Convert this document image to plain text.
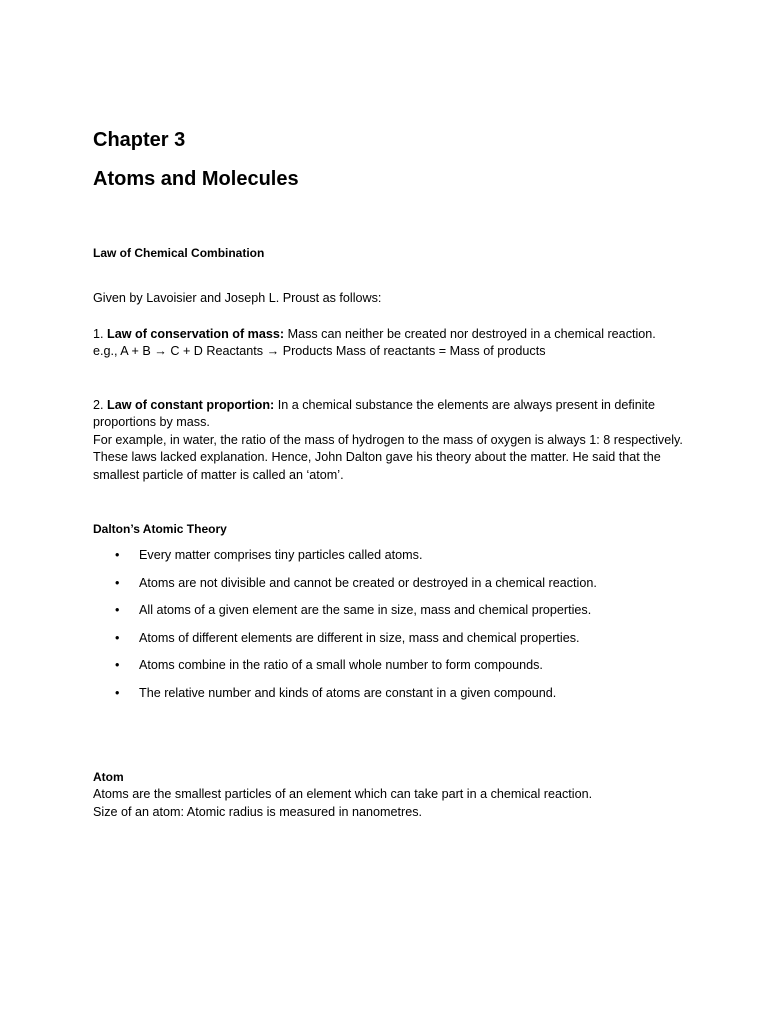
Chapter 3
Atoms and Molecules
Law of Chemical Combination

Given by Lavoisier and Joseph L. Proust as follows:

1. Law of conservation of mass: Mass can neither be created nor destroyed in a chemical reaction.
e.g., A + B → C + D Reactants → Products Mass of reactants = Mass of products

2. Law of constant proportion: In a chemical substance the elements are always present in definite proportions by mass.
For example, in water, the ratio of the mass of hydrogen to the mass of oxygen is always 1: 8 respectively.
These laws lacked explanation. Hence, John Dalton gave his theory about the matter. He said that the smallest particle of matter is called an ‘atom’.

Dalton’s Atomic Theory
• Every matter comprises tiny particles called atoms.
• Atoms are not divisible and cannot be created or destroyed in a chemical reaction.
• All atoms of a given element are the same in size, mass and chemical properties.
• Atoms of different elements are different in size, mass and chemical properties.
• Atoms combine in the ratio of a small whole number to form compounds.
• The relative number and kinds of atoms are constant in a given compound.
Atom

Atoms are the smallest particles of an element which can take part in a chemical reaction.
Size of an atom: Atomic radius is measured in nanometres.
